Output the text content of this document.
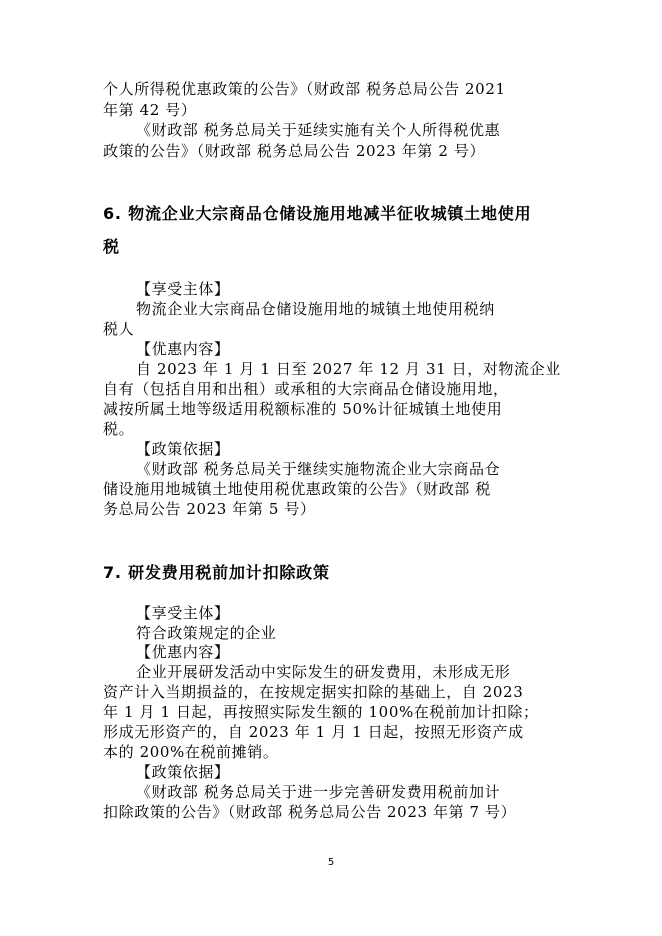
个人所得税优惠政策的公告》（财政部 税务总局公告 2021
年第 42 号）
《财政部 税务总局关于延续实施有关个人所得税优惠
政策的公告》（财政部 税务总局公告 2023 年第 2 号）
6. 物流企业大宗商品仓储设施用地减半征收城镇土地使用
税
【享受主体】
物流企业大宗商品仓储设施用地的城镇土地使用税纳
税人
【优惠内容】
自 2023 年 1 月 1 日至 2027 年 12 月 31 日，对物流企业
自有（包括自用和出租）或承租的大宗商品仓储设施用地，
减按所属土地等级适用税额标准的 50%计征城镇土地使用
税。
【政策依据】
《财政部 税务总局关于继续实施物流企业大宗商品仓
储设施用地城镇土地使用税优惠政策的公告》（财政部 税
务总局公告 2023 年第 5 号）
7. 研发费用税前加计扣除政策
【享受主体】
符合政策规定的企业
【优惠内容】
企业开展研发活动中实际发生的研发费用，未形成无形
资产计入当期损益的，在按规定据实扣除的基础上，自 2023
年 1 月 1 日起，再按照实际发生额的 100%在税前加计扣除；
形成无形资产的，自 2023 年 1 月 1 日起，按照无形资产成
本的 200%在税前摊销。
【政策依据】
《财政部 税务总局关于进一步完善研发费用税前加计
扣除政策的公告》（财政部 税务总局公告 2023 年第 7 号）
5
